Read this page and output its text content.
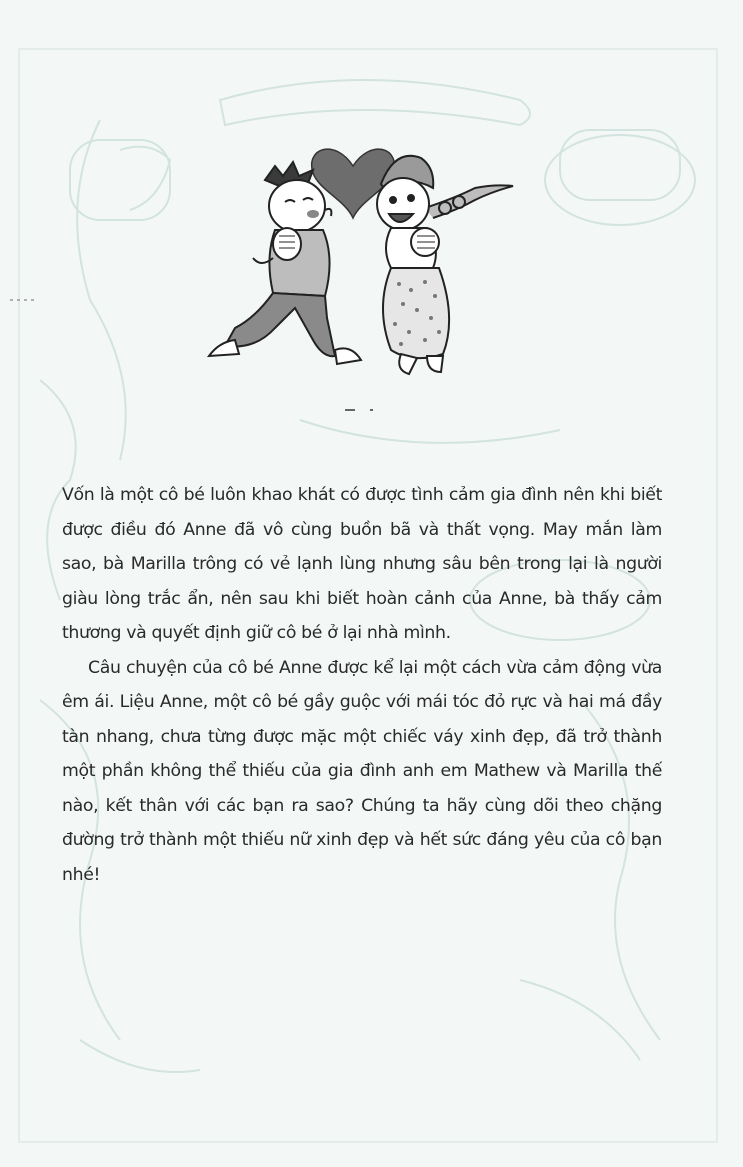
Vốn là một cô bé luôn khao khát có được tình cảm gia đình nên khi biết được điều đó Anne đã vô cùng buồn bã và thất vọng. May mắn làm sao, bà Marilla trông có vẻ lạnh lùng nhưng sâu bên trong lại là người giàu lòng trắc ẩn, nên sau khi biết hoàn cảnh của Anne, bà thấy cảm thương và quyết định giữ cô bé ở lại nhà mình.

Câu chuyện của cô bé Anne được kể lại một cách vừa cảm động vừa êm ái. Liệu Anne, một cô bé gầy guộc với mái tóc đỏ rực và hai má đầy tàn nhang, chưa từng được mặc một chiếc váy xinh đẹp, đã trở thành một phần không thể thiếu của gia đình anh em Mathew và Marilla thế nào, kết thân với các bạn ra sao? Chúng ta hãy cùng dõi theo chặng đường trở thành một thiếu nữ xinh đẹp và hết sức đáng yêu của cô bạn nhé!
